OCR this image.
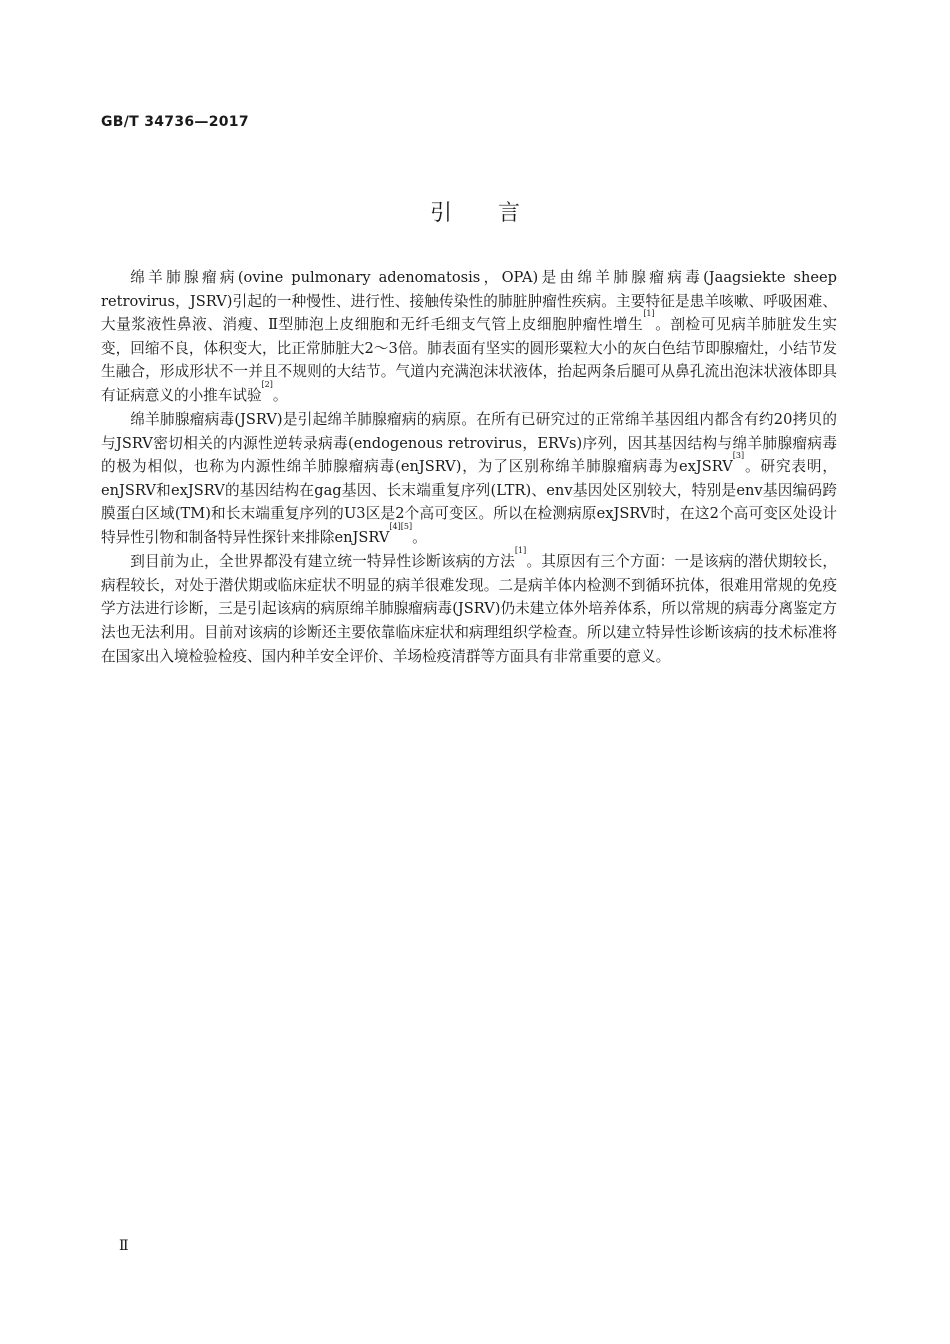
GB/T 34736—2017
引言

绵羊肺腺瘤病(ovine pulmonary adenomatosis，OPA)是由绵羊肺腺瘤病毒(Jaagsiekte sheep retrovirus，JSRV)引起的一种慢性、进行性、接触传染性的肺脏肿瘤性疾病。主要特征是患羊咳嗽、呼吸困难、大量浆液性鼻液、消瘦、Ⅱ型肺泡上皮细胞和无纤毛细支气管上皮细胞肿瘤性增生[1]。剖检可见病羊肺脏发生实变，回缩不良，体积变大，比正常肺脏大2～3倍。肺表面有坚实的圆形粟粒大小的灰白色结节即腺瘤灶，小结节发生融合，形成形状不一并且不规则的大结节。气道内充满泡沫状液体，抬起两条后腿可从鼻孔流出泡沫状液体即具有证病意义的小推车试验[2]。

绵羊肺腺瘤病毒(JSRV)是引起绵羊肺腺瘤病的病原。在所有已研究过的正常绵羊基因组内都含有约20拷贝的与JSRV密切相关的内源性逆转录病毒(endogenous retrovirus，ERVs)序列，因其基因结构与绵羊肺腺瘤病毒的极为相似，也称为内源性绵羊肺腺瘤病毒(enJSRV)，为了区别称绵羊肺腺瘤病毒为exJSRV[3]。研究表明，enJSRV和exJSRV的基因结构在gag基因、长末端重复序列(LTR)、env基因处区别较大，特别是env基因编码跨膜蛋白区域(TM)和长末端重复序列的U3区是2个高可变区。所以在检测病原exJSRV时，在这2个高可变区处设计特异性引物和制备特异性探针来排除enJSRV[4][5]。

到目前为止，全世界都没有建立统一特异性诊断该病的方法[1]。其原因有三个方面：一是该病的潜伏期较长，病程较长，对处于潜伏期或临床症状不明显的病羊很难发现。二是病羊体内检测不到循环抗体，很难用常规的免疫学方法进行诊断，三是引起该病的病原绵羊肺腺瘤病毒(JSRV)仍未建立体外培养体系，所以常规的病毒分离鉴定方法也无法利用。目前对该病的诊断还主要依靠临床症状和病理组织学检查。所以建立特异性诊断该病的技术标准将在国家出入境检验检疫、国内种羊安全评价、羊场检疫清群等方面具有非常重要的意义。

Ⅱ
